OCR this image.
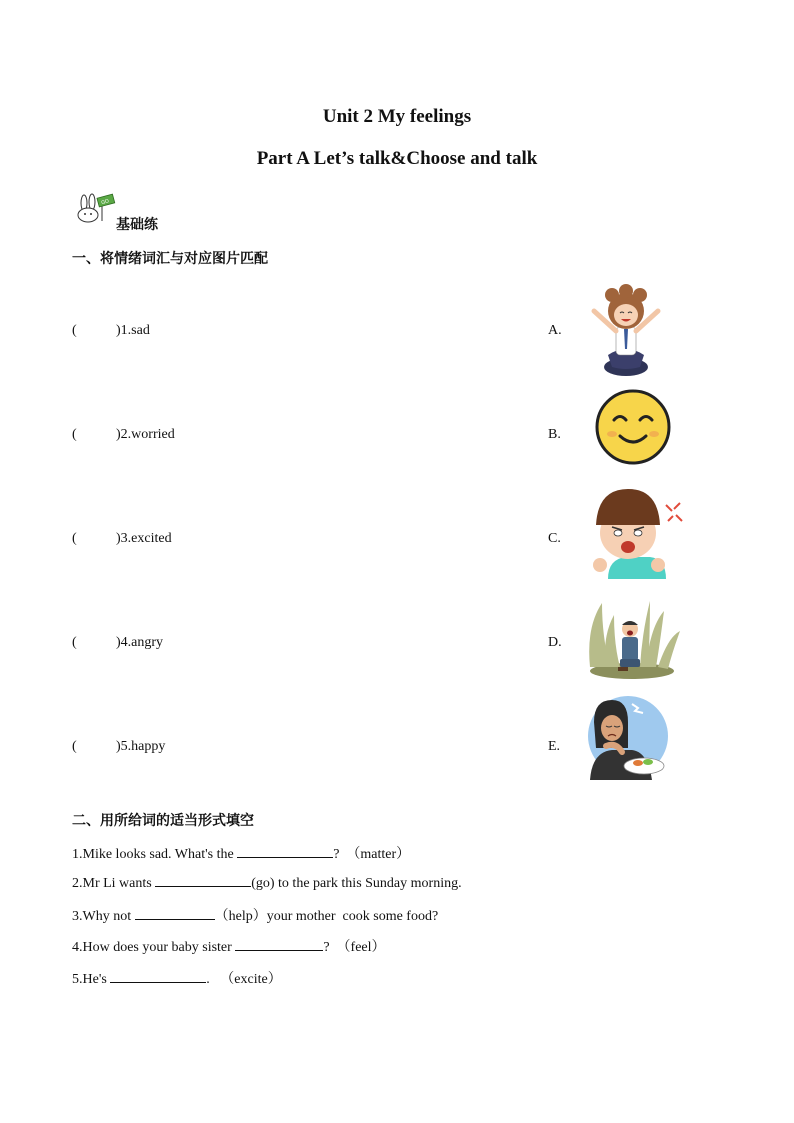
Unit 2 My feelings
Part A Let’s talk&Choose and talk
GO
基础练
一、将情绪词汇与对应图片匹配
(	)1.sad	A.
(	)2.worried	B.
(	)3.excited	C.
(	)4.angry	D.
(	)5.happy	E.
二、用所给词的适当形式填空
1.Mike looks sad. What's the	?  （matter）
2.Mr Li wants	(go) to the park this Sunday morning.
3.Why not	（help）your mother  cook some food?
4.How does your baby sister	?  （feel）
5.He's	.   （excite）
